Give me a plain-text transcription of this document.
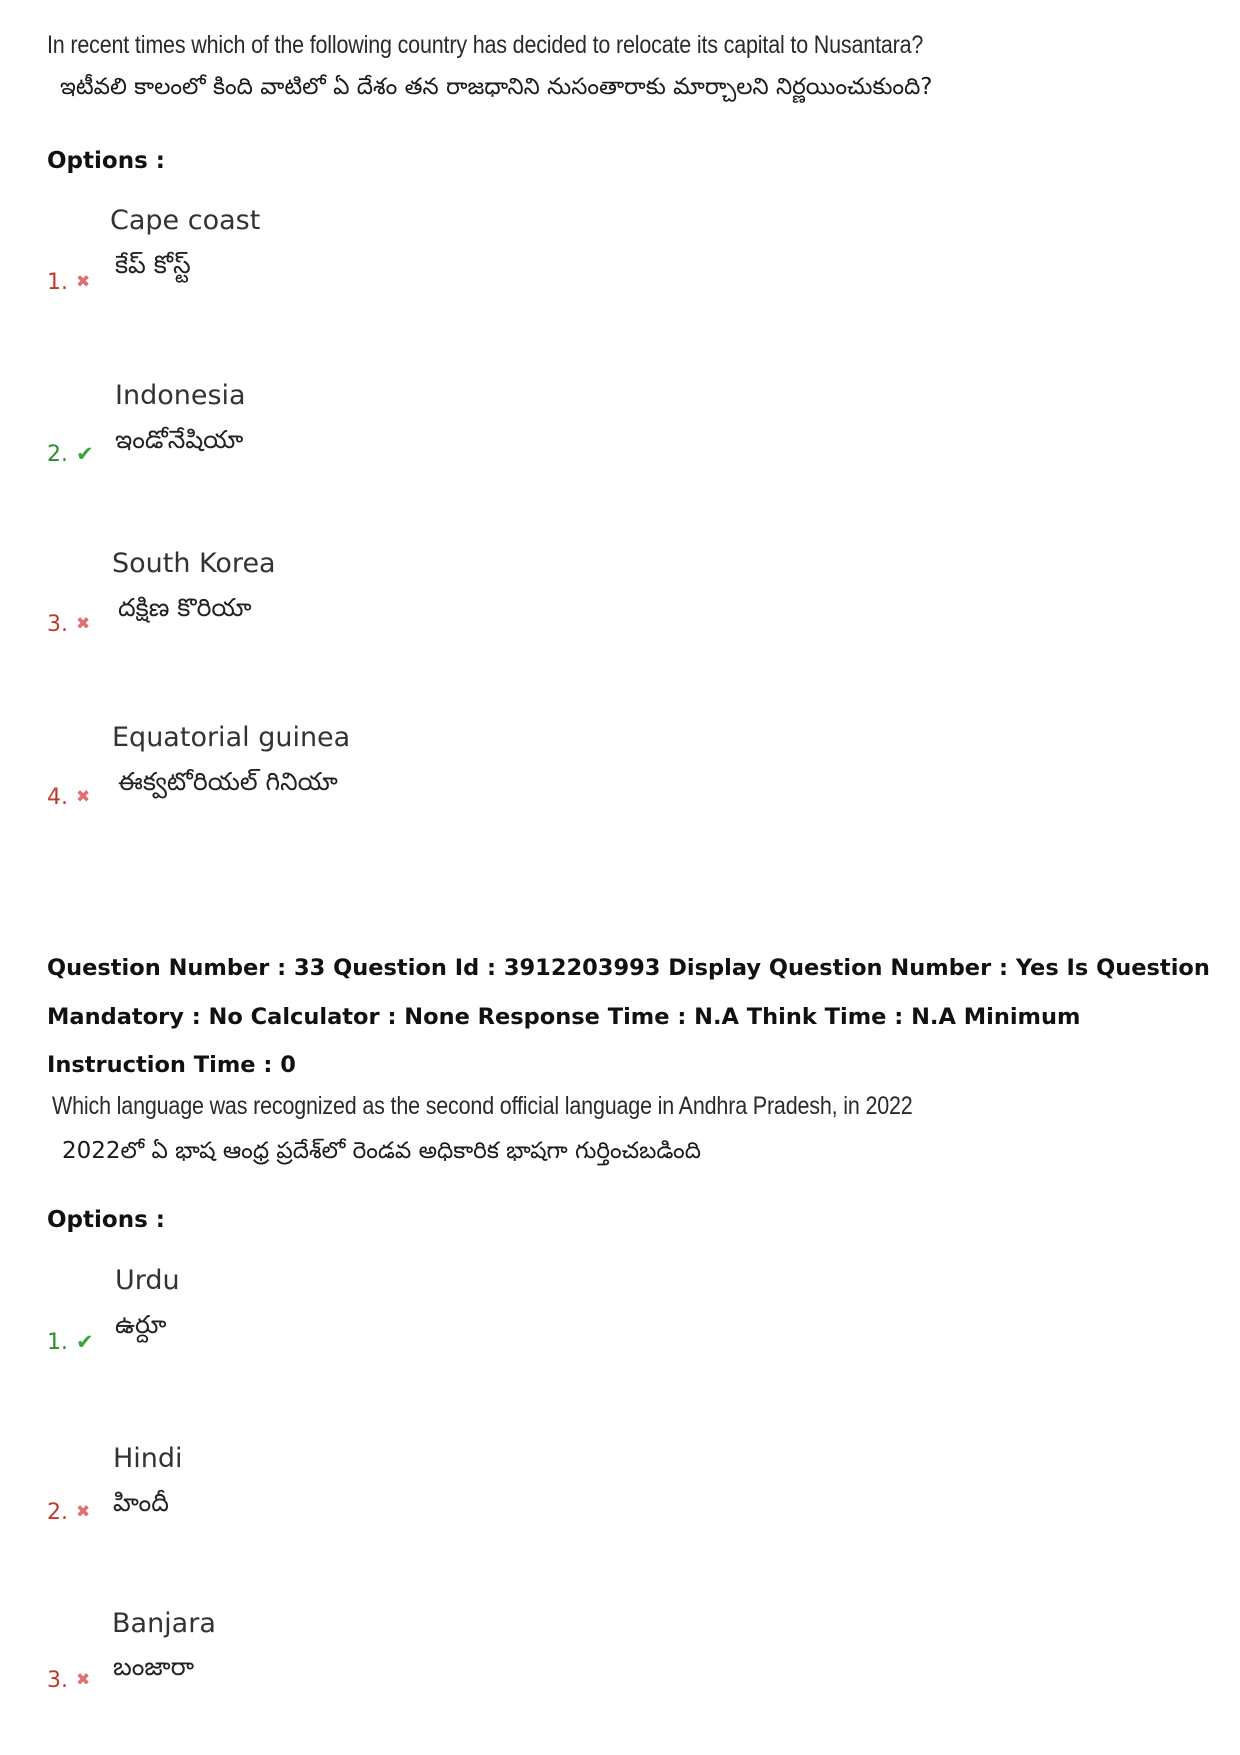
In recent times which of the following country has decided to relocate its capital to Nusantara?
ఇటీవలి కాలంలో కింది వాటిలో ఏ దేశం తన రాజధానిని నుసంతారాకు మార్చాలని నిర్ణయించుకుంది?
Options :
1. ✖
Cape coast
కేప్ కోస్ట్
2. ✔
Indonesia
ఇండోనేషియా
3. ✖
South Korea
దక్షిణ కొరియా
4. ✖
Equatorial guinea
ఈక్వటోరియల్ గినియా
Question Number : 33 Question Id : 3912203993 Display Question Number : Yes Is Question Mandatory : No Calculator : None Response Time : N.A Think Time : N.A Minimum Instruction Time : 0
Which language was recognized as the second official language in Andhra Pradesh, in 2022
2022లో ఏ భాష ఆంధ్ర ప్రదేశ్‌లో రెండవ అధికారిక భాషగా గుర్తించబడింది
Options :
1. ✔
Urdu
ఉర్దూ
2. ✖
Hindi
హిందీ
3. ✖
Banjara
బంజారా
